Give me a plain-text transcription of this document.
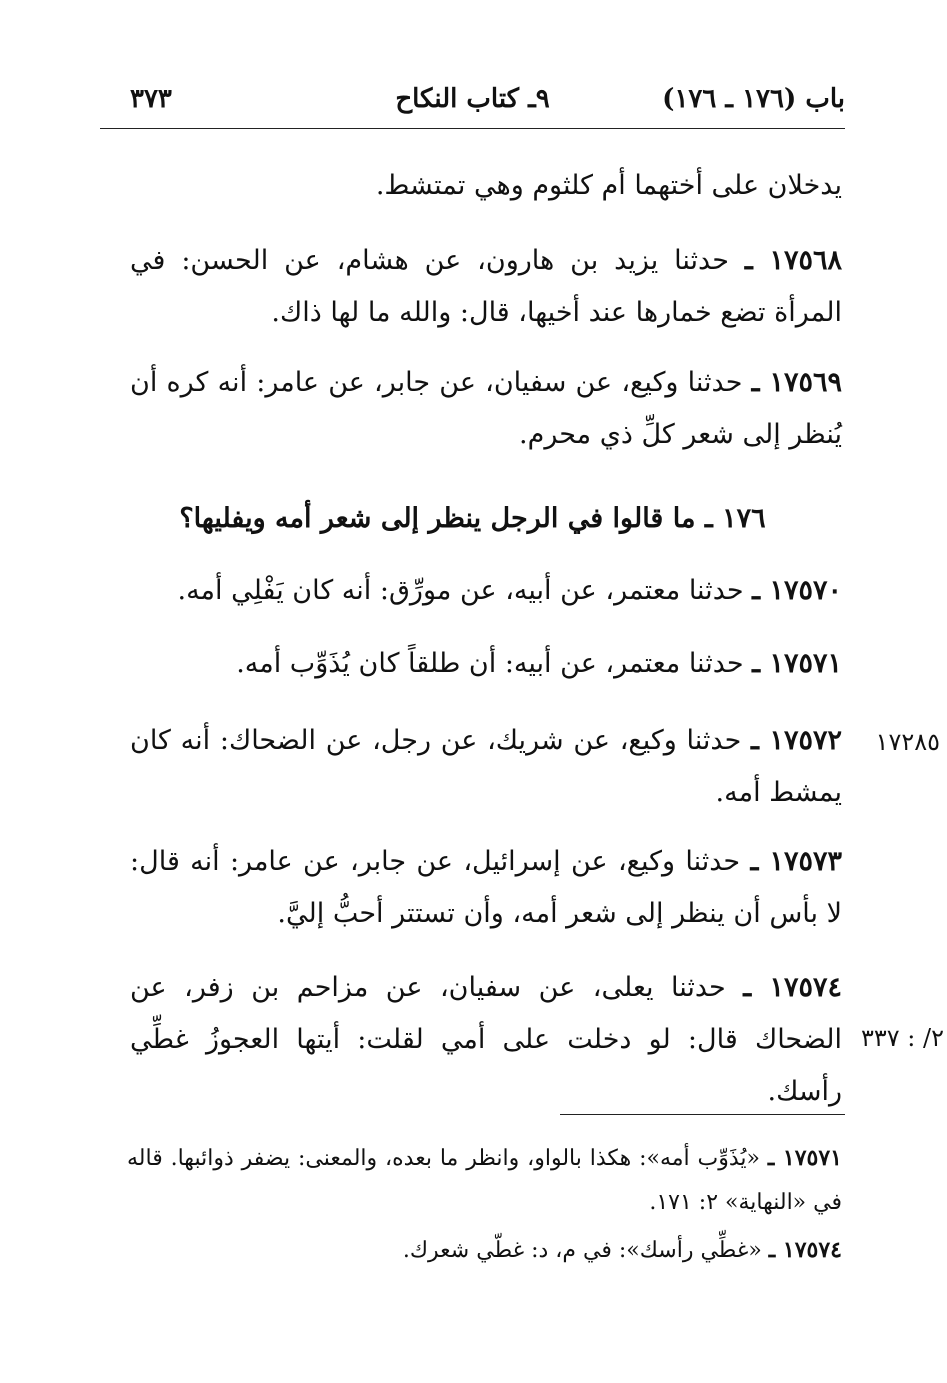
باب (١٧٦ ـ ١٧٦)
٩ـ كتاب النكاح
٣٧٣
يدخلان على أختهما أم كلثوم وهي تمتشط.
١٧٥٦٨ ـ حدثنا يزيد بن هارون، عن هشام، عن الحسن: في المرأة تضع خمارها عند أخيها، قال: والله ما لها ذاك.
١٧٥٦٩ ـ حدثنا وكيع، عن سفيان، عن جابر، عن عامر: أنه كره أن يُنظر إلى شعر كلِّ ذي محرم.
١٧٦ ـ ما قالوا في الرجل ينظر إلى شعر أمه ويفليها؟
١٧٥٧٠ ـ حدثنا معتمر، عن أبيه، عن مورِّق: أنه كان يَفْلِي أمه.
١٧٥٧١ ـ حدثنا معتمر، عن أبيه: أن طلقاً كان يُذَوِّب أمه.
١٧٥٧٢ ـ حدثنا وكيع، عن شريك، عن رجل، عن الضحاك: أنه كان يمشط أمه.
١٧٢٨٥
١٧٥٧٣ ـ حدثنا وكيع، عن إسرائيل، عن جابر، عن عامر: أنه قال: لا بأس أن ينظر إلى شعر أمه، وأن تستتر أحبُّ إليَّ.
١٧٥٧٤ ـ حدثنا يعلى، عن سفيان، عن مزاحم بن زفر، عن الضحاك قال: لو دخلت على أمي لقلت: أيتها العجوزُ غطِّي رأسك.
٢/ : ٣٣٧
١٧٥٧١ ـ «يُذَوِّب أمه»: هكذا بالواو، وانظر ما بعده، والمعنى: يضفر ذوائبها. قاله في «النهاية» ٢: ١٧١.
١٧٥٧٤ ـ «غطِّي رأسك»: في م، د: غطّي شعرك.
